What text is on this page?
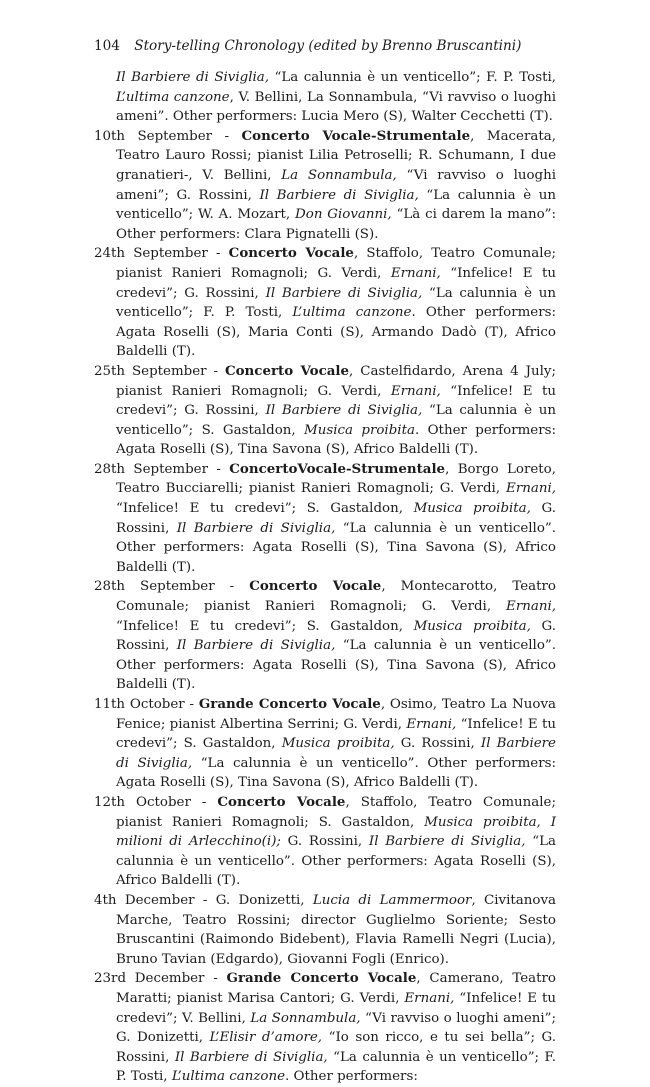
104 Story-telling Chronology (edited by Brenno Bruscantini)

Il Barbiere di Siviglia, “La calunnia è un venticello”; F. P. Tosti, L’ultima canzone, V. Bellini, La Sonnambula, “Vi ravviso o luoghi ameni”. Other performers: Lucia Mero (S), Walter Cecchetti (T).

10th September - Concerto Vocale-Strumentale, Macerata, Teatro Lauro Rossi; pianist Lilia Petroselli; R. Schumann, I due granatieri-, V. Bellini, La Sonnambula, “Vi ravviso o luoghi ameni”; G. Rossini, Il Barbiere di Siviglia, “La calunnia è un venticello”; W. A. Mozart, Don Giovanni, “Là ci darem la mano”: Other performers: Clara Pignatelli (S).

24th September - Concerto Vocale, Staffolo, Teatro Comunale; pianist Ranieri Romagnoli; G. Verdi, Ernani, “Infelice! E tu credevi”; G. Rossini, Il Barbiere di Siviglia, “La calunnia è un venticello”; F. P. Tosti, L’ultima canzone. Other performers: Agata Roselli (S), Maria Conti (S), Armando Dadò (T), Africo Baldelli (T).

25th September - Concerto Vocale, Castelfidardo, Arena 4 July; pianist Ranieri Romagnoli; G. Verdi, Ernani, “Infelice! E tu credevi”; G. Rossini, Il Barbiere di Siviglia, “La calunnia è un venticello”; S. Gastaldon, Musica proibita. Other performers: Agata Roselli (S), Tina Savona (S), Africo Baldelli (T).

28th September - ConcertoVocale-Strumentale, Borgo Loreto, Teatro Bucciarelli; pianist Ranieri Romagnoli; G. Verdi, Ernani, “Infelice! E tu credevi”; S. Gastaldon, Musica proibita, G. Rossini, Il Barbiere di Siviglia, “La calunnia è un venticello”. Other performers: Agata Roselli (S), Tina Savona (S), Africo Baldelli (T).

28th September - Concerto Vocale, Montecarotto, Teatro Comunale; pianist Ranieri Romagnoli; G. Verdi, Ernani, “Infelice! E tu credevi”; S. Gastaldon, Musica proibita, G. Rossini, Il Barbiere di Siviglia, “La calunnia è un venticello”. Other performers: Agata Roselli (S), Tina Savona (S), Africo Baldelli (T).

11th October - Grande Concerto Vocale, Osimo, Teatro La Nuova Fenice; pianist Albertina Serrini; G. Verdi, Ernani, “Infelice! E tu credevi”; S. Gastaldon, Musica proibita, G. Rossini, Il Barbiere di Siviglia, “La calunnia è un venticello”. Other performers: Agata Roselli (S), Tina Savona (S), Africo Baldelli (T).

12th October - Concerto Vocale, Staffolo, Teatro Comunale; pianist Ranieri Romagnoli; S. Gastaldon, Musica proibita, I milioni di Arlecchino(i); G. Rossini, Il Barbiere di Siviglia, “La calunnia è un venticello”. Other performers: Agata Roselli (S), Africo Baldelli (T).

4th December - G. Donizetti, Lucia di Lammermoor, Civitanova Marche, Teatro Rossini; director Guglielmo Soriente; Sesto Bruscantini (Raimondo Bidebent), Flavia Ramelli Negri (Lucia), Bruno Tavian (Edgardo), Giovanni Fogli (Enrico).

23rd December - Grande Concerto Vocale, Camerano, Teatro Maratti; pianist Marisa Cantori; G. Verdi, Ernani, “Infelice! E tu credevi”; V. Bellini, La Sonnambula, “Vi ravviso o luoghi ameni”; G. Donizetti, L’Elisir d’amore, “Io son ricco, e tu sei bella”; G. Rossini, Il Barbiere di Siviglia, “La calunnia è un venticello”; F. P. Tosti, L’ultima canzone. Other performers:
